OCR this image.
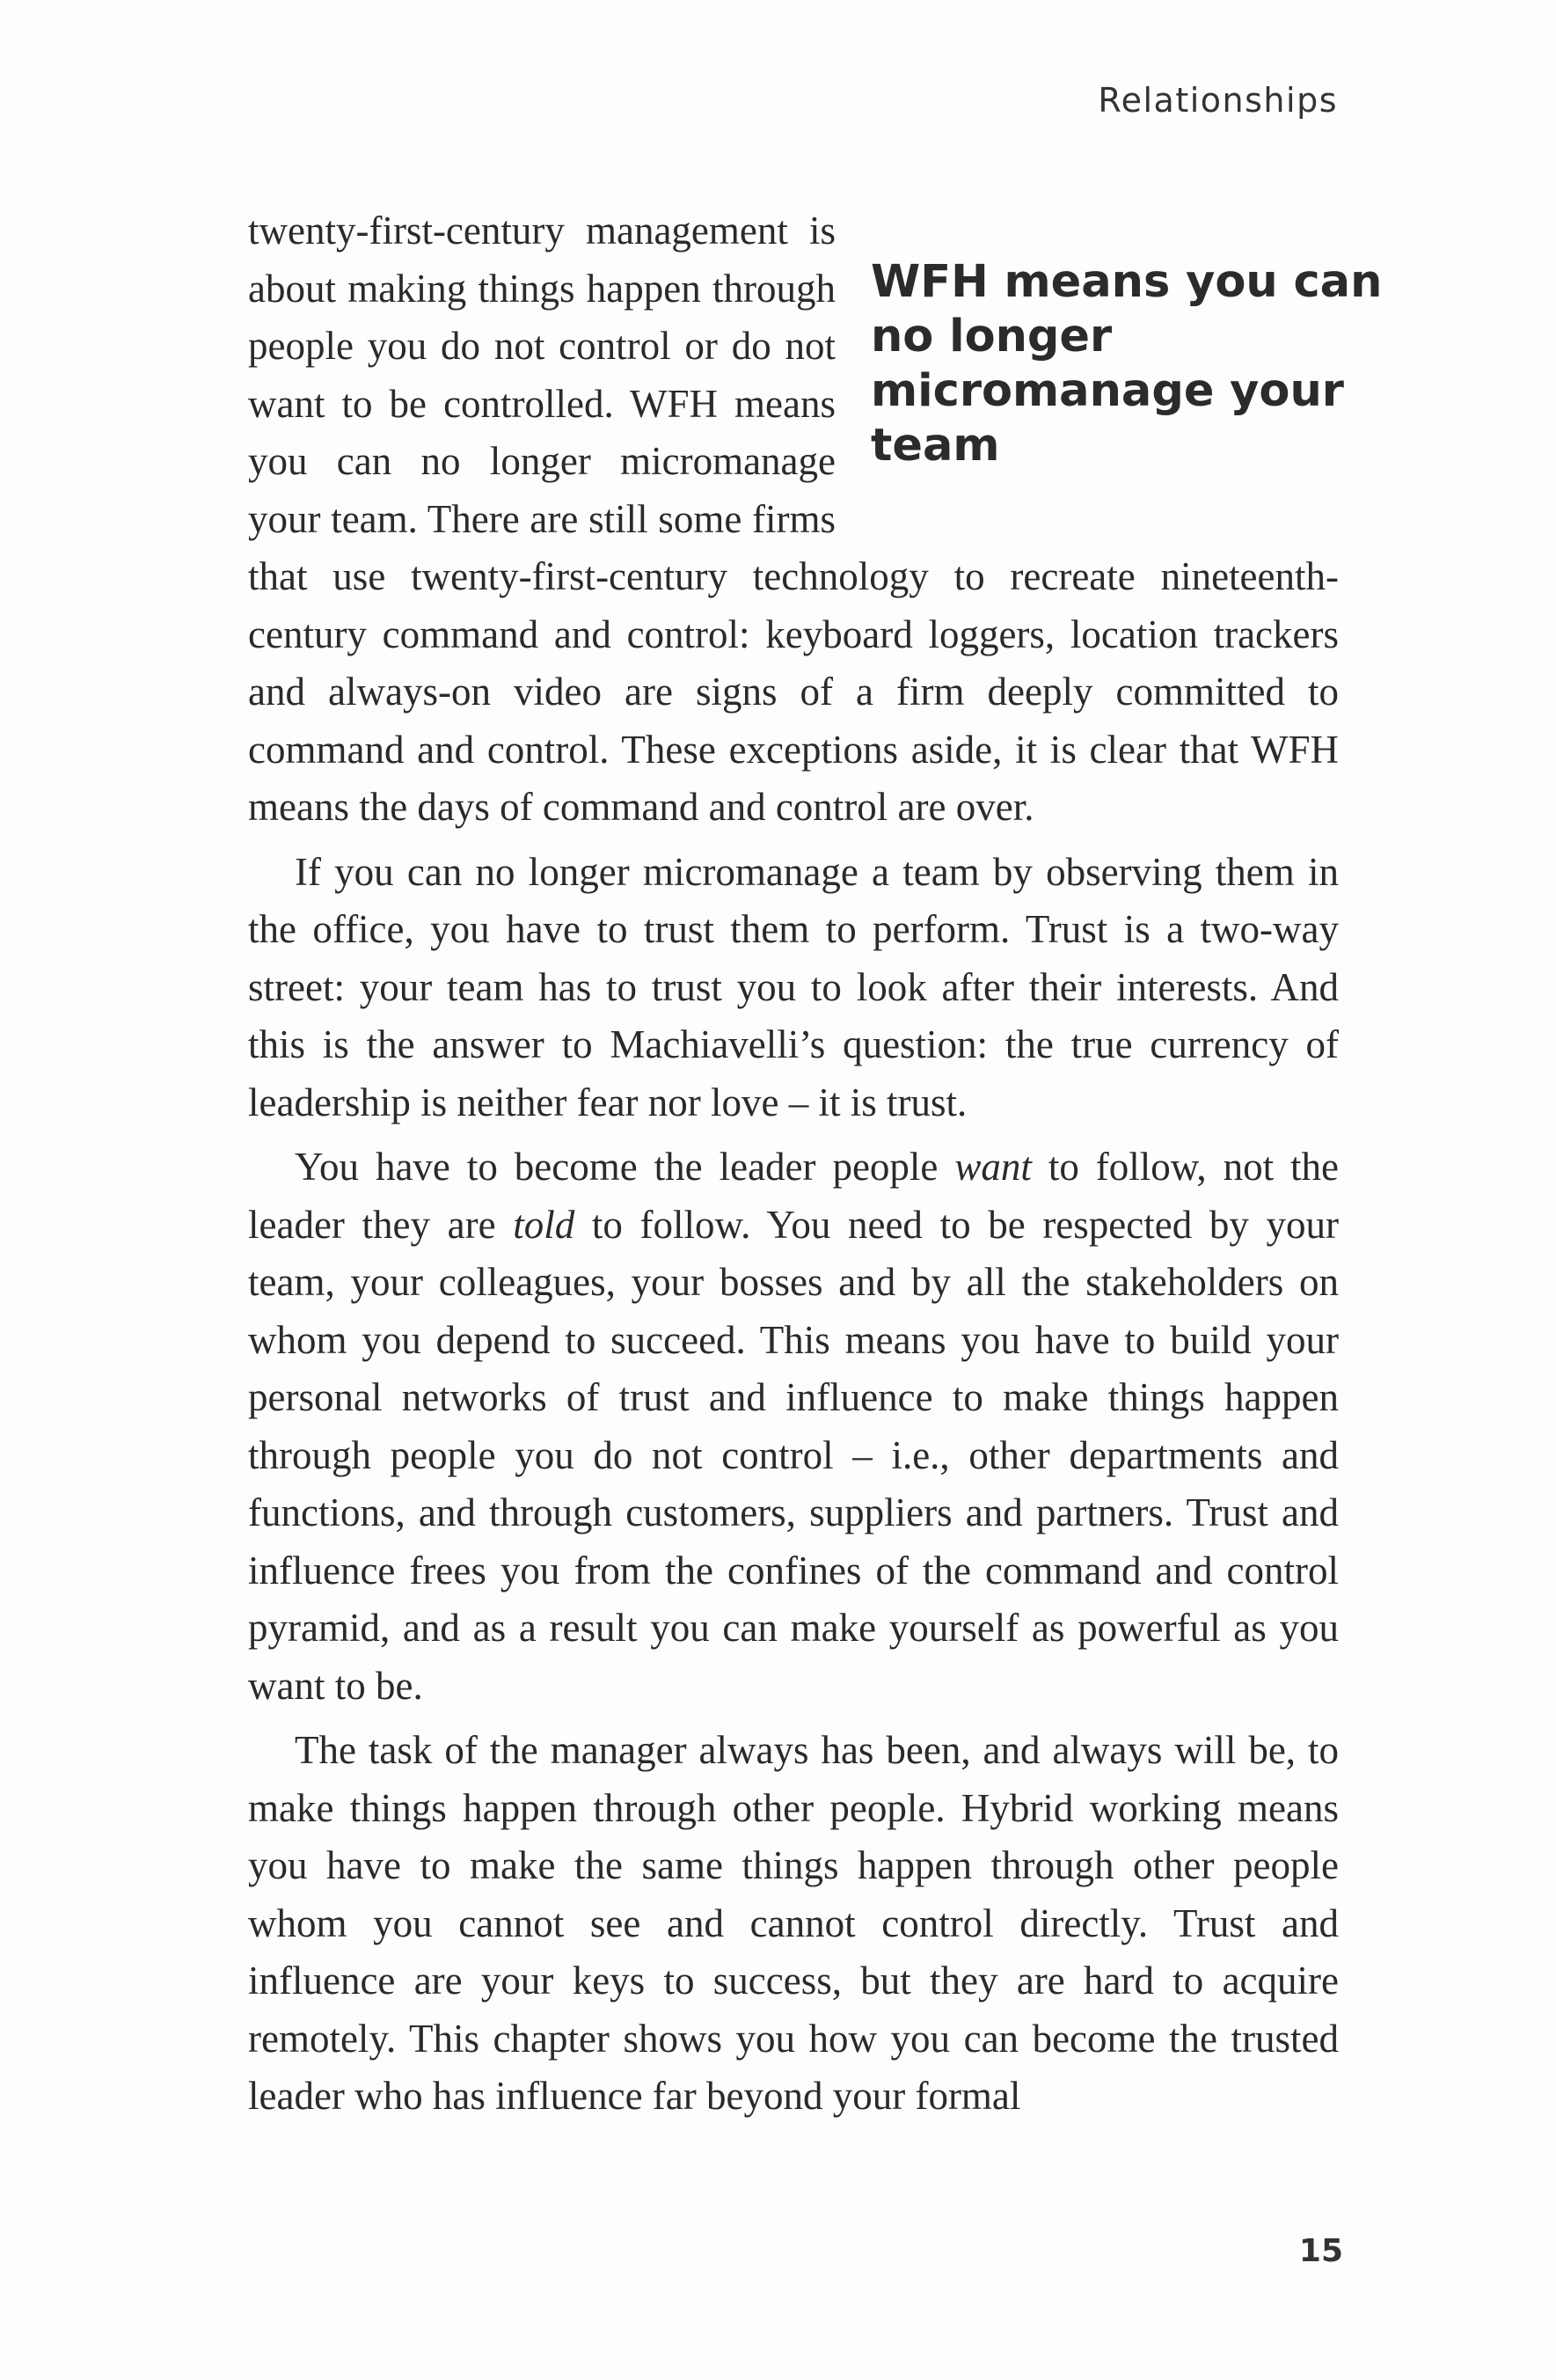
Relationships
WFH means you can no longer micromanage your team

twenty-first-century management is about making things happen through people you do not control or do not want to be controlled. WFH means you can no longer micromanage your team. There are still some firms that use twenty-first-century technology to recreate nineteenth-century command and control: keyboard loggers, location trackers and always-on video are signs of a firm deeply committed to command and control. These exceptions aside, it is clear that WFH means the days of command and control are over.

If you can no longer micromanage a team by observing them in the office, you have to trust them to perform. Trust is a two-way street: your team has to trust you to look after their interests. And this is the answer to Machiavelli’s question: the true currency of leadership is neither fear nor love – it is trust.

You have to become the leader people want to follow, not the leader they are told to follow. You need to be respected by your team, your colleagues, your bosses and by all the stakeholders on whom you depend to succeed. This means you have to build your personal networks of trust and influence to make things happen through people you do not control – i.e., other departments and functions, and through customers, suppliers and partners. Trust and influence frees you from the confines of the command and control pyramid, and as a result you can make yourself as powerful as you want to be.

The task of the manager always has been, and always will be, to make things happen through other people. Hybrid working means you have to make the same things happen through other people whom you cannot see and cannot control directly. Trust and influence are your keys to success, but they are hard to acquire remotely. This chapter shows you how you can become the trusted leader who has influence far beyond your formal

15
